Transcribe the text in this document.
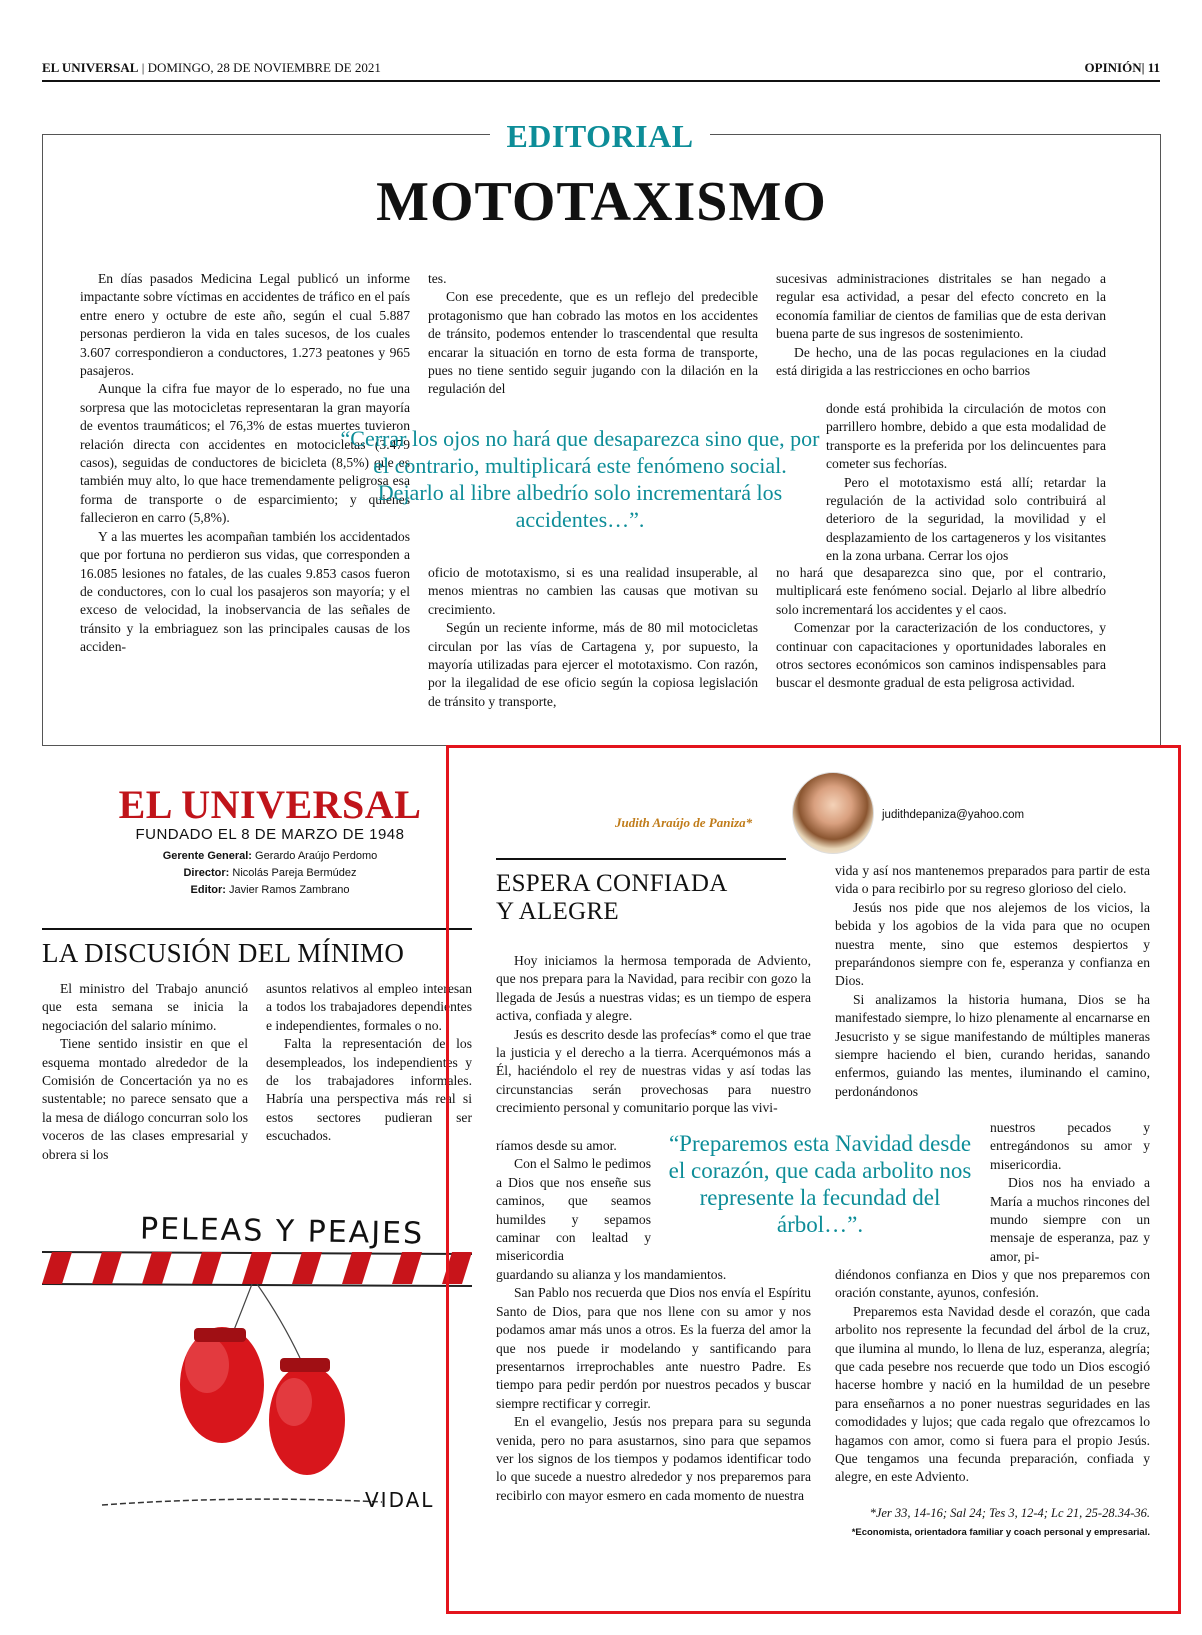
EL UNIVERSAL | DOMINGO, 28 DE NOVIEMBRE DE 2021	OPINIÓN| 11
EDITORIAL
MOTOTAXISMO

En días pasados Medicina Legal publicó un informe impactante sobre víctimas en accidentes de tráfico en el país entre enero y octubre de este año, según el cual 5.887 personas perdieron la vida en tales sucesos, de los cuales 3.607 correspondieron a conductores, 1.273 peatones y 965 pasajeros.

Aunque la cifra fue mayor de lo esperado, no fue una sorpresa que las motocicletas representaran la gran mayoría de eventos traumáticos; el 76,3% de estas muertes tuvieron relación directa con accidentes en motocicletas (3.479 casos), seguidas de conductores de bicicleta (8,5%) que es también muy alto, lo que hace tremendamente peligrosa esa forma de transporte o de esparcimiento; y quienes fallecieron en carro (5,8%).

Y a las muertes les acompañan también los accidentados que por fortuna no perdieron sus vidas, que corresponden a 16.085 lesiones no fatales, de las cuales 9.853 casos fueron de conductores, con lo cual los pasajeros son mayoría; y el exceso de velocidad, la inobservancia de las señales de tránsito y la embriaguez son las principales causas de los acciden-

tes.

Con ese precedente, que es un reflejo del predecible protagonismo que han cobrado las motos en los accidentes de tránsito, podemos entender lo trascendental que resulta encarar la situación en torno de esta forma de transporte, pues no tiene sentido seguir jugando con la dilación en la regulación del

“Cerrar los ojos no hará que desaparezca sino que, por el contrario, multiplicará este fenómeno social. Dejarlo al libre albedrío solo incrementará los accidentes…”.

oficio de mototaxismo, si es una realidad insuperable, al menos mientras no cambien las causas que motivan su crecimiento.

Según un reciente informe, más de 80 mil motocicletas circulan por las vías de Cartagena y, por supuesto, la mayoría utilizadas para ejercer el mototaxismo. Con razón, por la ilegalidad de ese oficio según la copiosa legislación de tránsito y transporte,

sucesivas administraciones distritales se han negado a regular esa actividad, a pesar del efecto concreto en la economía familiar de cientos de familias que de esta derivan buena parte de sus ingresos de sostenimiento.

De hecho, una de las pocas regulaciones en la ciudad está dirigida a las restricciones en ocho barrios

donde está prohibida la circulación de motos con parrillero hombre, debido a que esta modalidad de transporte es la preferida por los delincuentes para cometer sus fechorías.

Pero el mototaxismo está allí; retardar la regulación de la actividad solo contribuirá al deterioro de la seguridad, la movilidad y el desplazamiento de los cartageneros y los visitantes en la zona urbana. Cerrar los ojos

no hará que desaparezca sino que, por el contrario, multiplicará este fenómeno social. Dejarlo al libre albedrío solo incrementará los accidentes y el caos.

Comenzar por la caracterización de los conductores, y continuar con capacitaciones y oportunidades laborales en otros sectores económicos son caminos indispensables para buscar el desmonte gradual de esta peligrosa actividad.

EL UNIVERSAL
FUNDADO EL 8 DE MARZO DE 1948
Gerente General: Gerardo Araújo Perdomo
Director: Nicolás Pareja Bermúdez
Editor: Javier Ramos Zambrano
LA DISCUSIÓN DEL MÍNIMO

El ministro del Trabajo anunció que esta semana se inicia la negociación del salario mínimo.

Tiene sentido insistir en que el esquema montado alrededor de la Comisión de Concertación ya no es sustentable; no parece sensato que a la mesa de diálogo concurran solo los voceros de las clases empresarial y obrera si los

asuntos relativos al empleo interesan a todos los trabajadores dependientes e independientes, formales o no.

Falta la representación de los desempleados, los independientes y de los trabajadores informales. Habría una perspectiva más real si estos sectores pudieran ser escuchados.

PELEAS Y PEAJES
VIDAL
Judith Araújo de Paniza*	judithdepaniza@yahoo.com
ESPERA CONFIADA
Y ALEGRE

Hoy iniciamos la hermosa temporada de Adviento, que nos prepara para la Navidad, para recibir con gozo la llegada de Jesús a nuestras vidas; es un tiempo de espera activa, confiada y alegre.

Jesús es descrito desde las profecías* como el que trae la justicia y el derecho a la tierra. Acerquémonos más a Él, haciéndolo el rey de nuestras vidas y así todas las circunstancias serán provechosas para nuestro crecimiento personal y comunitario porque las vivi-

ríamos desde su amor.

Con el Salmo le pedimos a Dios que nos enseñe sus caminos, que seamos humildes y sepamos caminar con lealtad y misericordia

guardando su alianza y los mandamientos.

San Pablo nos recuerda que Dios nos envía el Espíritu Santo de Dios, para que nos llene con su amor y nos podamos amar más unos a otros. Es la fuerza del amor la que nos puede ir modelando y santificando para presentarnos irreprochables ante nuestro Padre. Es tiempo para pedir perdón por nuestros pecados y buscar siempre rectificar y corregir.

En el evangelio, Jesús nos prepara para su segunda venida, pero no para asustarnos, sino para que sepamos ver los signos de los tiempos y podamos identificar todo lo que sucede a nuestro alrededor y nos preparemos para recibirlo con mayor esmero en cada momento de nuestra

“Preparemos esta Navidad desde el corazón, que cada arbolito nos represente la fecundad del árbol…”.

vida y así nos mantenemos preparados para partir de esta vida o para recibirlo por su regreso glorioso del cielo.

Jesús nos pide que nos alejemos de los vicios, la bebida y los agobios de la vida para que no ocupen nuestra mente, sino que estemos despiertos y preparándonos siempre con fe, esperanza y confianza en Dios.

Si analizamos la historia humana, Dios se ha manifestado siempre, lo hizo plenamente al encarnarse en Jesucristo y se sigue manifestando de múltiples maneras siempre haciendo el bien, curando heridas, sanando enfermos, guiando las mentes, iluminando el camino, perdonándonos

nuestros pecados y entregándonos su amor y misericordia.

Dios nos ha enviado a María a muchos rincones del mundo siempre con un mensaje de esperanza, paz y amor, pi-

diéndonos confianza en Dios y que nos preparemos con oración constante, ayunos, confesión.

Preparemos esta Navidad desde el corazón, que cada arbolito nos represente la fecundad del árbol de la cruz, que ilumina al mundo, lo llena de luz, esperanza, alegría; que cada pesebre nos recuerde que todo un Dios escogió hacerse hombre y nació en la humildad de un pesebre para enseñarnos a no poner nuestras seguridades en las comodidades y lujos; que cada regalo que ofrezcamos lo hagamos con amor, como si fuera para el propio Jesús. Que tengamos una fecunda preparación, confiada y alegre, en este Adviento.

*Jer 33, 14-16; Sal 24; Tes 3, 12-4; Lc 21, 25-28.34-36.
*Economista, orientadora familiar y coach personal y empresarial.
